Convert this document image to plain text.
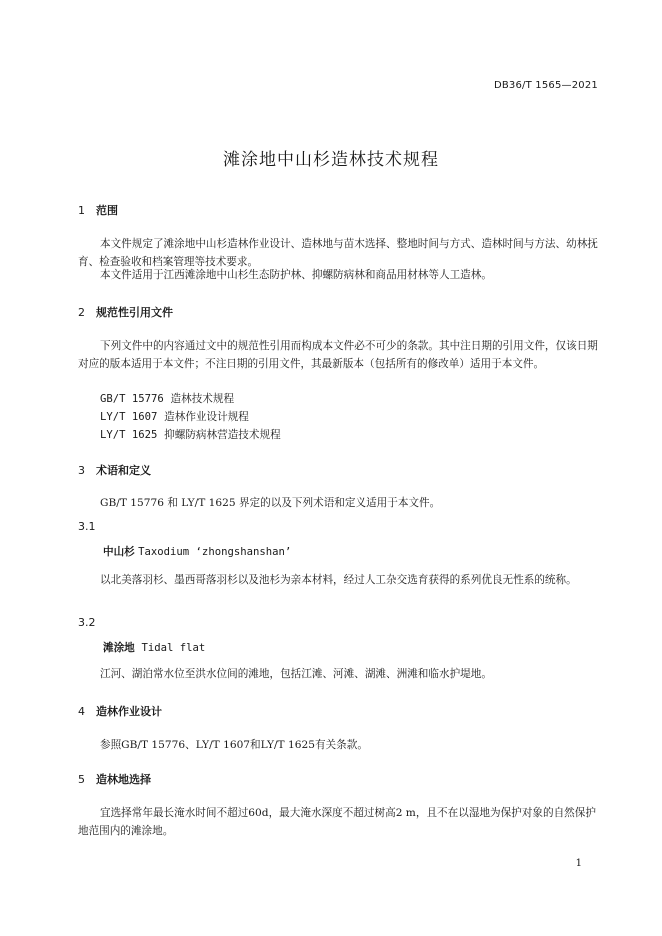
DB36/T 1565—2021
滩涂地中山杉造林技术规程
1 范围
本文件规定了滩涂地中山杉造林作业设计、造林地与苗木选择、整地时间与方式、造林时间与方法、幼林抚育、检查验收和档案管理等技术要求。
本文件适用于江西滩涂地中山杉生态防护林、抑螺防病林和商品用材林等人工造林。
2 规范性引用文件
下列文件中的内容通过文中的规范性引用而构成本文件必不可少的条款。其中注日期的引用文件，仅该日期对应的版本适用于本文件；不注日期的引用文件，其最新版本（包括所有的修改单）适用于本文件。
GB/T 15776 造林技术规程
LY/T 1607 造林作业设计规程
LY/T 1625 抑螺防病林营造技术规程
3 术语和定义
GB/T 15776 和 LY/T 1625 界定的以及下列术语和定义适用于本文件。
3.1
中山杉 Taxodium ‘zhongshanshan’
以北美落羽杉、墨西哥落羽杉以及池杉为亲本材料，经过人工杂交选育获得的系列优良无性系的统称。
3.2
滩涂地 Tidal flat
江河、湖泊常水位至洪水位间的滩地，包括江滩、河滩、湖滩、洲滩和临水护堤地。
4 造林作业设计
参照GB/T 15776、LY/T 1607和LY/T 1625有关条款。
5 造林地选择
宜选择常年最长淹水时间不超过60d，最大淹水深度不超过树高2 m，且不在以湿地为保护对象的自然保护地范围内的滩涂地。
1
